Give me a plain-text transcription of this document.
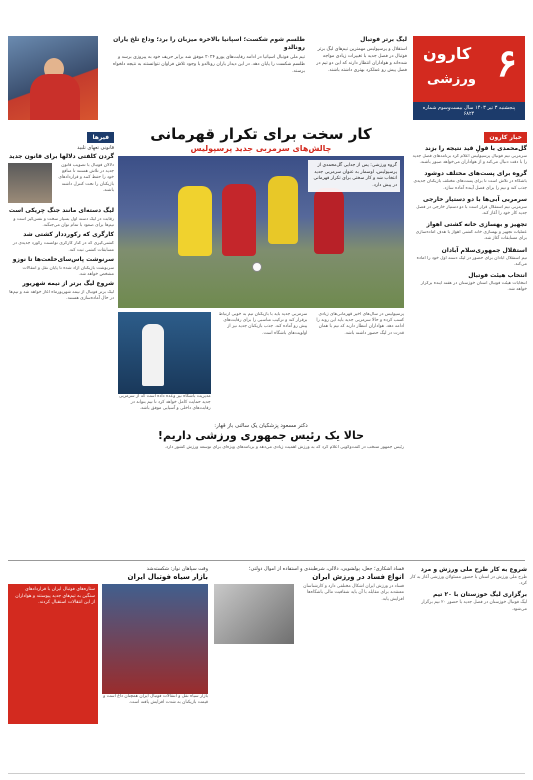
۶
کارون
ورزشی
پنجشنبه ۳ تیر ۱۴۰۳ سال بیست‌وسوم شماره ۶۸۲۴
لیگ برتر فوتبال

استقلال و پرسپولیس مهمترین تیم‌های لیگ برتر فوتبال در فصل جدید با تغییرات زیادی مواجه شده‌اند و هواداران انتظار دارند که این دو تیم در فصل پیش رو عملکرد بهتری داشته باشند.

طلسم شوم شکست؛ اسپانیا بالاخره میزبان را برد؛ وداع تلخ یاران رونالدو

تیم ملی فوتبال اسپانیا در ادامه رقابت‌های یورو ۲۰۲۴ موفق شد برابر حریف خود به پیروزی برسد و طلسم شکست را پایان دهد. در این دیدار یاران رونالدو با وجود تلاش فراوان نتوانستند به نتیجه دلخواه برسند.

خبار کارون
گل‌محمدی با قولِ قید نتیجه را بزند

سرمربی تیم فوتبال پرسپولیس اعلام کرد برنامه‌های فصل جدید را با دقت دنبال می‌کند و از هواداران می‌خواهد صبور باشند.

گروه برای پست‌های مختلف دوشود

باشگاه در تلاش است تا برای پست‌های مختلف بازیکنان جدیدی جذب کند و تیم را برای فصل آینده آماده سازد.

سرمربی آبی‌ها با دو دستیار خارجی

سرمربی تیم استقلال قرار است با دو دستیار خارجی در فصل جدید کار خود را آغاز کند.

تجهیز و بهسازی خانه کشتی اهواز

عملیات تجهیز و بهسازی خانه کشتی اهواز با هدف آماده‌سازی برای مسابقات آغاز شد.

استقلال جمهوری‌سلام آبادان

تیم استقلال آبادان برای حضور در لیگ دسته اول خود را آماده می‌کند.

انتخاب هیئت فوتبال

انتخابات هیئت فوتبال استان خوزستان در هفته آینده برگزار خواهد شد.

فیرها
قانونی تعهای تلبید
گردن کلفتی دلالها برای قانون جدید

دلالان فوتبال با تصویب قانون جدید در تلاش هستند تا منافع خود را حفظ کنند و قراردادهای بازیکنان را تحت کنترل داشته باشند.

لیگ دسته‌ای مانند جنگ چریکی است

رقابت در لیگ دسته اول بسیار سخت و نفس‌گیر است و تیم‌ها برای صعود با تمام توان می‌جنگند.

کارگری که رکورددار کشتی شد

کشتی‌گیری که در کنار کارگری توانست رکورد جدیدی در مسابقات کشتی ثبت کند.

سرنوشت پاس‌سای‌خلعت‌ها تا نوزو

سرنوشت بازیکنان آزاد شده تا پایان نقل و انتقالات مشخص خواهد شد.

شروع لیگ برتر از نیمه شهریور

لیگ برتر فوتبال از نیمه شهریورماه آغاز خواهد شد و تیم‌ها در حال آماده‌سازی هستند.

کار سخت برای تکرار قهرمانی
چالش‌های سرمربی جدید پرسپولیس
گروه ورزشی: پس از جدایی گل‌محمدی از پرسپولیس، اوسمار به عنوان سرمربی جدید انتخاب شد و کار سختی برای تکرار قهرمانی در پیش دارد.
پرسپولیس در سال‌های اخیر قهرمانی‌های زیادی کسب کرده و حالا سرمربی جدید باید این روند را ادامه دهد. هواداران انتظار دارند که تیم با همان قدرت در لیگ حضور داشته باشد.
سرمربی جدید باید با بازیکنان تیم به خوبی ارتباط برقرار کند و ترکیب مناسبی را برای رقابت‌های پیش رو آماده کند. جذب بازیکنان جدید نیز از اولویت‌های باشگاه است.
مدیریت باشگاه نیز وعده داده است که از سرمربی جدید حمایت کامل خواهد کرد تا تیم بتواند در رقابت‌های داخلی و آسیایی موفق باشد.
دکتر مسعود پزشکیان یک سالنی باز قهار:
حالا یک رئیس جمهوری ورزشی داریم!
رئیس جمهور منتخب در گفت‌وگویی اعلام کرد که به ورزش اهمیت زیادی می‌دهد و برنامه‌های ویژه‌ای برای توسعه ورزش کشور دارد.
وقت سپاهان نوار: شکسته‌شد
بازار سیاه فوتبال ایران

بازار سیاه نقل و انتقالات فوتبال ایران همچنان داغ است و قیمت بازیکنان به شدت افزایش یافته است.

ستاره‌های فوتبال ایران با قراردادهای سنگین به تیم‌های جدید پیوستند و هواداران از این انتقالات استقبال کردند.
فساد آشکاری؛ جعل، پولشویی، دلالی، شرطبندی و استفاده از اموال دولتی؛
انواع فساد در ورزش ایران

فساد در ورزش ایران اشکال مختلفی دارد و کارشناسان معتقدند برای مقابله با آن باید شفافیت مالی باشگاه‌ها افزایش یابد.

شروع به کار طرح ملی ورزش و مرد

طرح ملی ورزش در استان با حضور مسئولان ورزشی آغاز به کار کرد.

برگزاری لیگ خوزستان با ۲۰ تیم

لیگ فوتبال خوزستان در فصل جدید با حضور ۲۰ تیم برگزار می‌شود.
